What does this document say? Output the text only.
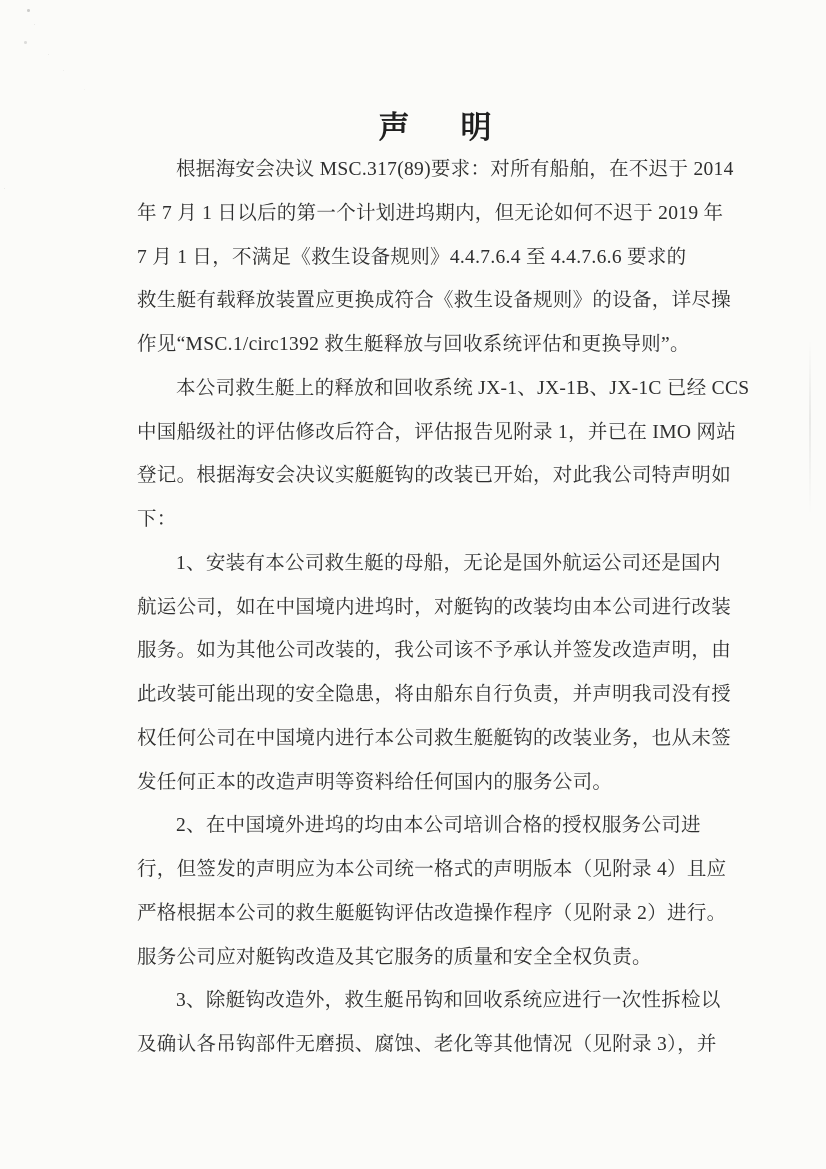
声　明
根据海安会决议 MSC.317(89)要求：对所有船舶，在不迟于 2014
年 7 月 1 日以后的第一个计划进坞期内，但无论如何不迟于 2019 年
7 月 1 日，不满足《救生设备规则》4.4.7.6.4 至 4.4.7.6.6 要求的
救生艇有载释放装置应更换成符合《救生设备规则》的设备，详尽操
作见“MSC.1/circ1392 救生艇释放与回收系统评估和更换导则”。
本公司救生艇上的释放和回收系统 JX-1、JX-1B、JX-1C 已经 CCS
中国船级社的评估修改后符合，评估报告见附录 1，并已在 IMO 网站
登记。根据海安会决议实艇艇钩的改装已开始，对此我公司特声明如
下：
1、安装有本公司救生艇的母船，无论是国外航运公司还是国内
航运公司，如在中国境内进坞时，对艇钩的改装均由本公司进行改装
服务。如为其他公司改装的，我公司该不予承认并签发改造声明，由
此改装可能出现的安全隐患，将由船东自行负责，并声明我司没有授
权任何公司在中国境内进行本公司救生艇艇钩的改装业务，也从未签
发任何正本的改造声明等资料给任何国内的服务公司。
2、在中国境外进坞的均由本公司培训合格的授权服务公司进
行，但签发的声明应为本公司统一格式的声明版本（见附录 4）且应
严格根据本公司的救生艇艇钩评估改造操作程序（见附录 2）进行。
服务公司应对艇钩改造及其它服务的质量和安全全权负责。
3、除艇钩改造外，救生艇吊钩和回收系统应进行一次性拆检以
及确认各吊钩部件无磨损、腐蚀、老化等其他情况（见附录 3），并
